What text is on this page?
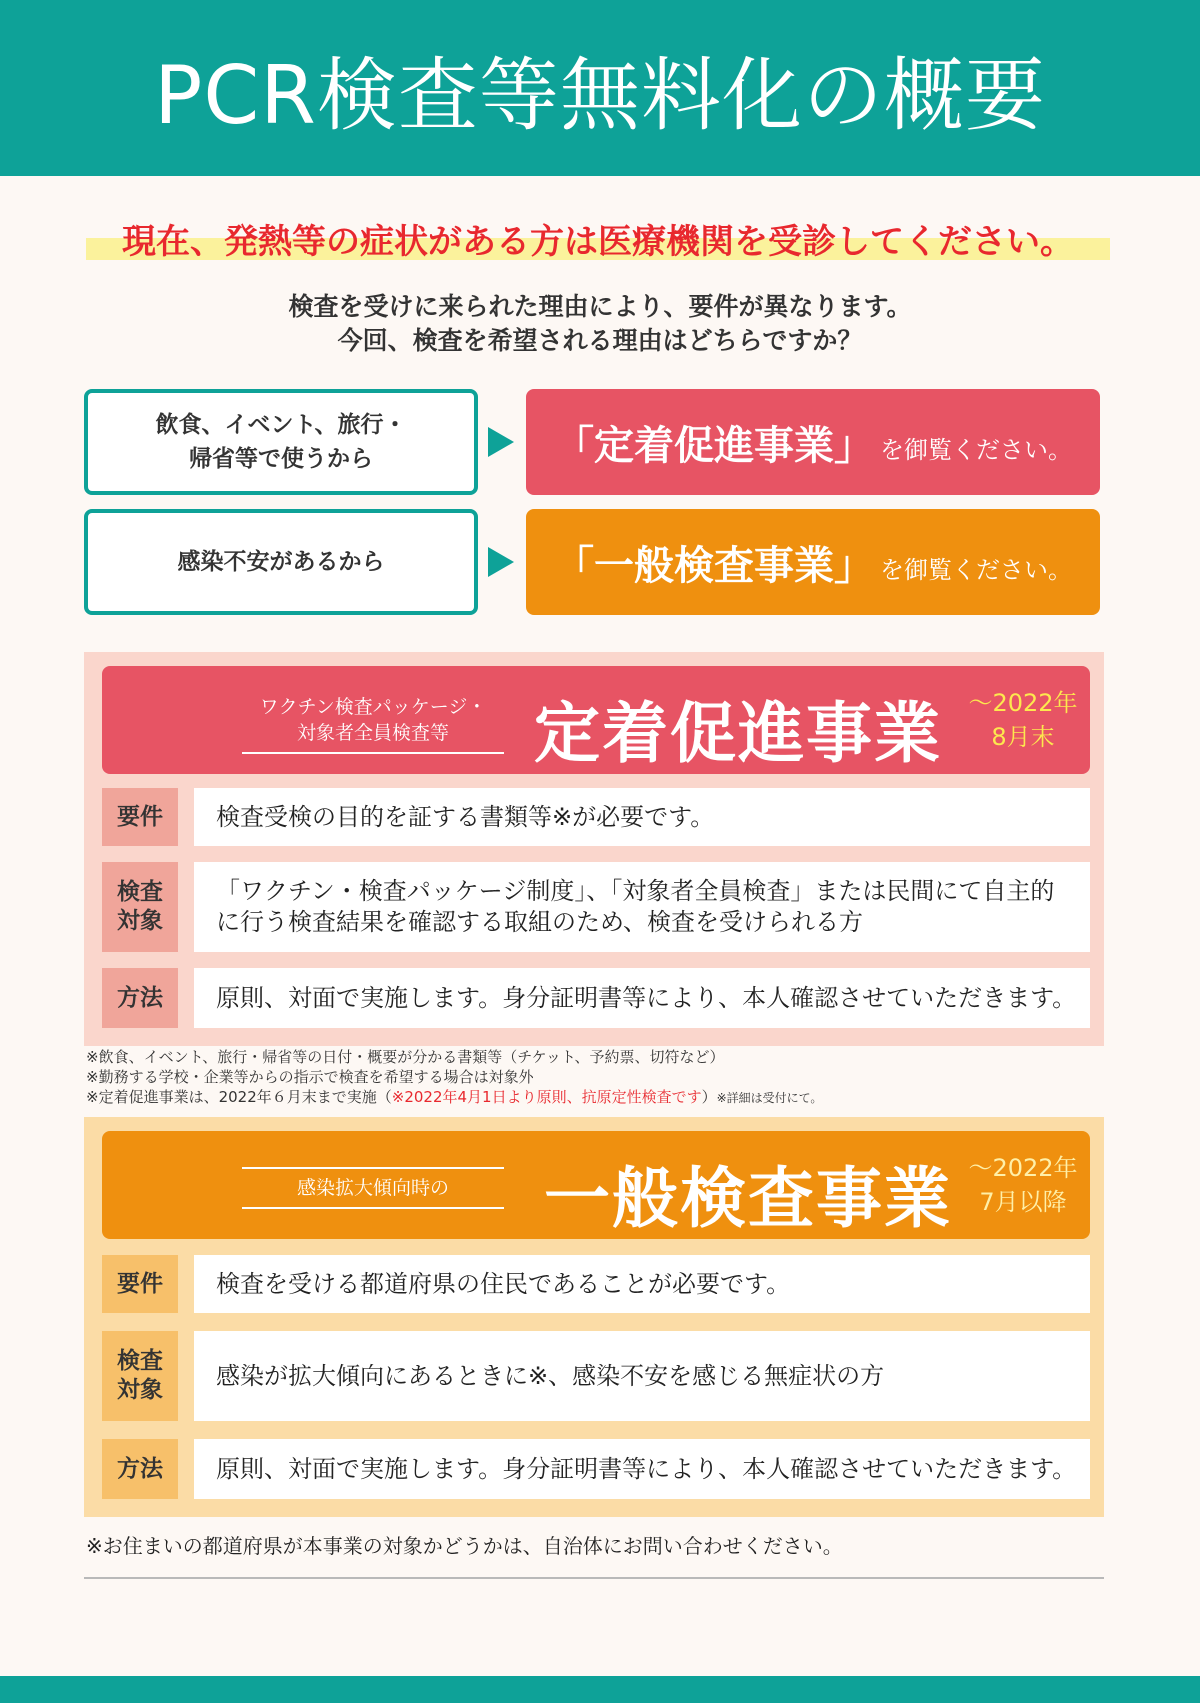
PCR検査等無料化の概要
現在、発熱等の症状がある方は医療機関を受診してください。
検査を受けに来られた理由により、要件が異なります。
今回、検査を希望される理由はどちらですか？
飲食、イベント、旅行・
帰省等で使うから	「定着促進事業」 を御覧ください。
感染不安があるから	「一般検査事業」 を御覧ください。
ワクチン検査パッケージ・
対象者全員検査等	定着促進事業 ～2022年
8月末
要件	検査受検の目的を証する書類等※が必要です。
検査対象
「ワクチン・検査パッケージ制度」、「対象者全員検査」または民間にて自主的
に行う検査結果を確認する取組のため、検査を受けられる方
方法	原則、対面で実施します。身分証明書等により、本人確認させていただきます。
※飲食、イベント、旅行・帰省等の日付・概要が分かる書類等（チケット、予約票、切符など）
※勤務する学校・企業等からの指示で検査を希望する場合は対象外
※定着促進事業は、2022年６月末まで実施（※2022年4月1日より原則、抗原定性検査です）※詳細は受付にて。
感染拡大傾向時の	一般検査事業 ～2022年
7月以降
要件	検査を受ける都道府県の住民であることが必要です。
検査対象
感染が拡大傾向にあるときに※、感染不安を感じる無症状の方
方法	原則、対面で実施します。身分証明書等により、本人確認させていただきます。
※お住まいの都道府県が本事業の対象かどうかは、自治体にお問い合わせください。
